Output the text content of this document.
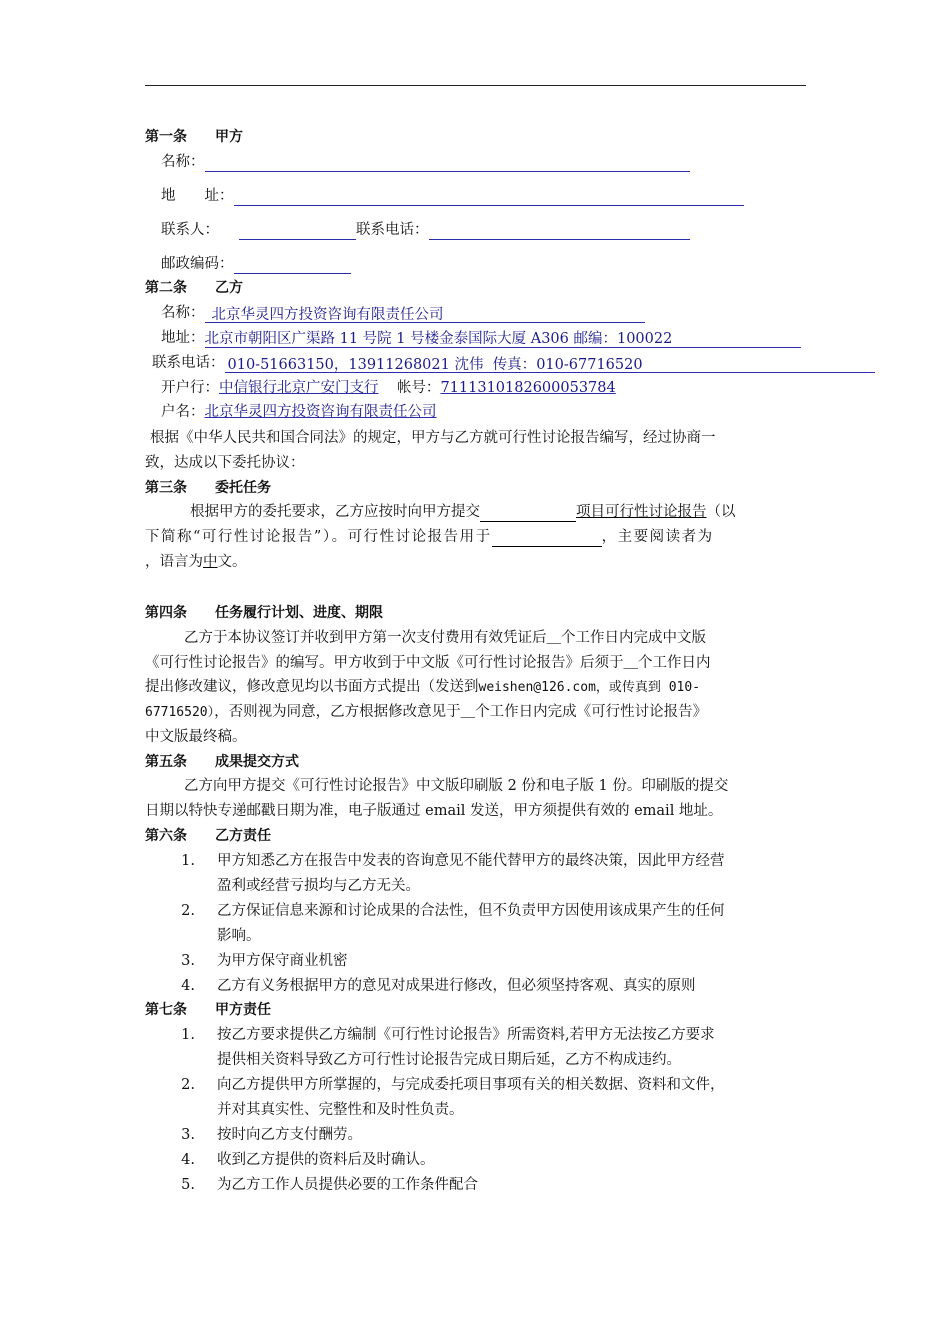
第一条　　甲方
名称：
地　　址：
联系人：	联系电话：
邮政编码：
第二条　　乙方
名称： 北京华灵四方投资咨询有限责任公司
地址：北京市朝阳区广渠路 11 号院 1 号楼金泰国际大厦 A306 邮编：100022
联系电话： 010-51663150，13911268021 沈伟 传真：010-67716520
开户行：中信银行北京广安门支行 帐号：7111310182600053784
户名：北京华灵四方投资咨询有限责任公司
根据《中华人民共和国合同法》的规定，甲方与乙方就可行性讨论报告编写，经过协商一
致，达成以下委托协议：
第三条　　委托任务
根据甲方的委托要求，乙方应按时向甲方提交	项目可行性讨论报告（以
下简称“可行性讨论报告”）。可行性讨论报告用于	，主要阅读者为
，语言为中文。
第四条　　任务履行计划、进度、期限
乙方于本协议签订并收到甲方第一次支付费用有效凭证后＿个工作日内完成中文版
《可行性讨论报告》的编写。甲方收到于中文版《可行性讨论报告》后须于＿个工作日内
提出修改建议，修改意见均以书面方式提出（发送到weishen@126.com，或传真到 010-
67716520），否则视为同意，乙方根据修改意见于＿个工作日内完成《可行性讨论报告》
中文版最终稿。
第五条　　成果提交方式
乙方向甲方提交《可行性讨论报告》中文版印刷版 2 份和电子版 1 份。印刷版的提交
日期以特快专递邮戳日期为准，电子版通过 email 发送，甲方须提供有效的 email 地址。
第六条　　乙方责任
1. 甲方知悉乙方在报告中发表的咨询意见不能代替甲方的最终决策，因此甲方经营
盈利或经营亏损均与乙方无关。
2. 乙方保证信息来源和讨论成果的合法性，但不负责甲方因使用该成果产生的任何
影响。
3. 为甲方保守商业机密
4. 乙方有义务根据甲方的意见对成果进行修改，但必须坚持客观、真实的原则
第七条　　甲方责任
1. 按乙方要求提供乙方编制《可行性讨论报告》所需资料,若甲方无法按乙方要求
提供相关资料导致乙方可行性讨论报告完成日期后延，乙方不构成违约。
2. 向乙方提供甲方所掌握的，与完成委托项目事项有关的相关数据、资料和文件，
并对其真实性、完整性和及时性负责。
3. 按时向乙方支付酬劳。
4. 收到乙方提供的资料后及时确认。
5. 为乙方工作人员提供必要的工作条件配合
